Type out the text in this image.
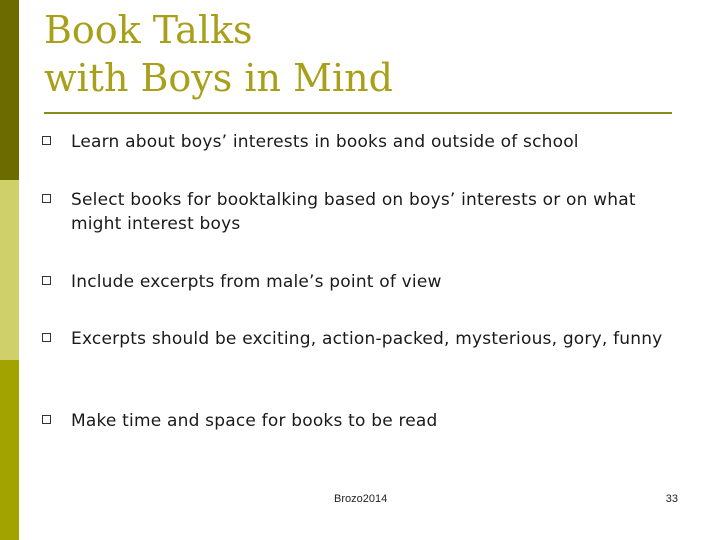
Book Talks
with Boys in Mind
Learn about boys’ interests in books and outside of school
Select books for booktalking based on boys’ interests or on what might interest boys
Include excerpts from male’s point of view
Excerpts should be exciting, action-packed, mysterious, gory, funny
Make time and space for books to be read
Brozo2014	33
